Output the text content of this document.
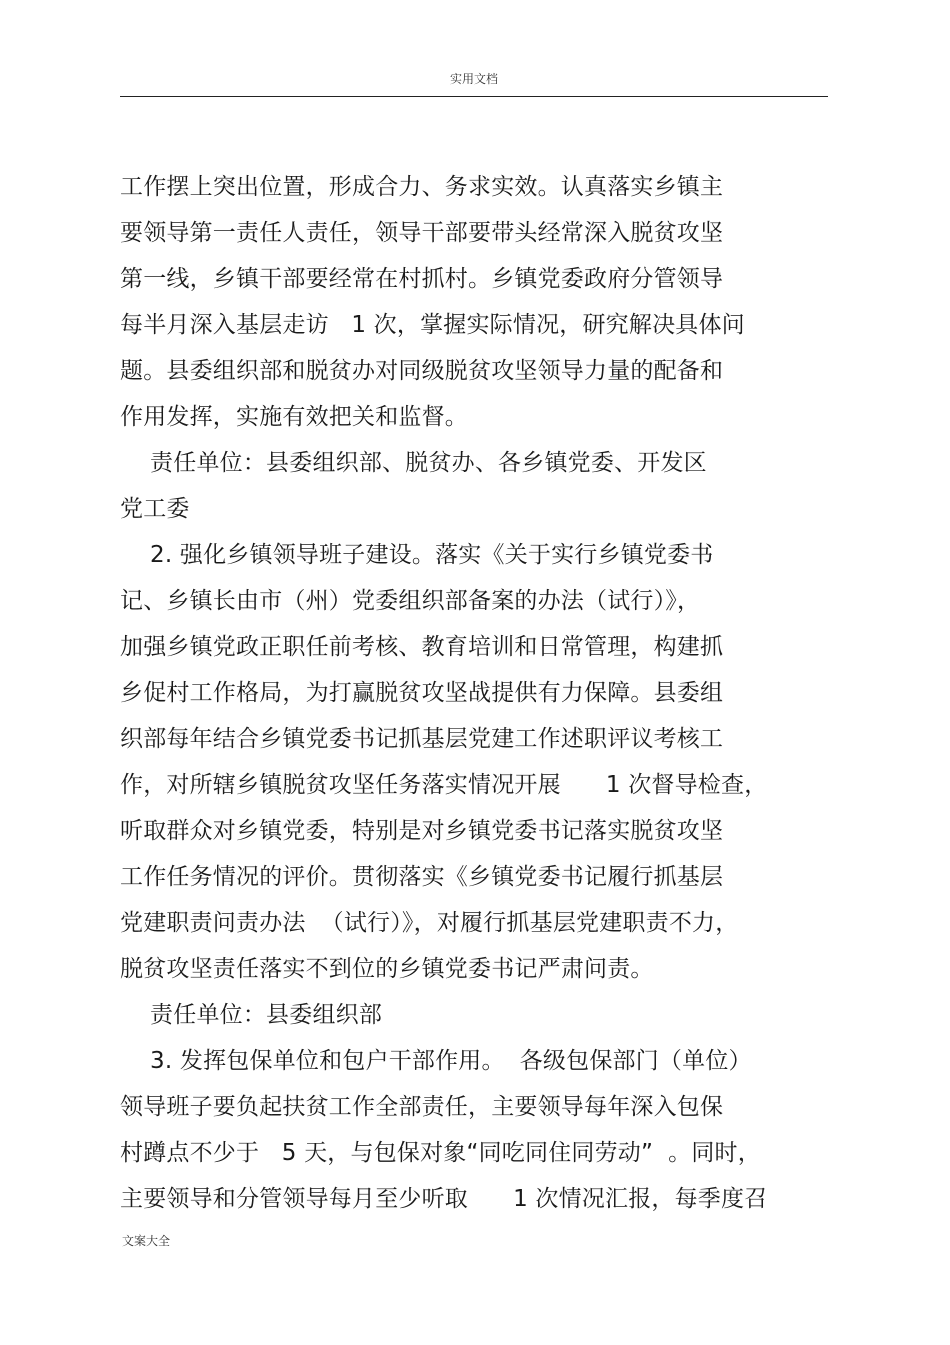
实用文档
工作摆上突出位置，形成合力、务求实效。认真落实乡镇主
要领导第一责任人责任，领导干部要带头经常深入脱贫攻坚
第一线，乡镇干部要经常在村抓村。乡镇党委政府分管领导
每半月深入基层走访   1 次，掌握实际情况，研究解决具体问
题。县委组织部和脱贫办对同级脱贫攻坚领导力量的配备和
作用发挥，实施有效把关和监督。
责任单位：县委组织部、脱贫办、各乡镇党委、开发区
党工委
2. 强化乡镇领导班子建设。落实《关于实行乡镇党委书
记、乡镇长由市（州）党委组织部备案的办法（试行）》，
加强乡镇党政正职任前考核、教育培训和日常管理，构建抓
乡促村工作格局，为打赢脱贫攻坚战提供有力保障。县委组
织部每年结合乡镇党委书记抓基层党建工作述职评议考核工
作，对所辖乡镇脱贫攻坚任务落实情况开展      1 次督导检查，
听取群众对乡镇党委，特别是对乡镇党委书记落实脱贫攻坚
工作任务情况的评价。贯彻落实《乡镇党委书记履行抓基层
党建职责问责办法  （试行）》，对履行抓基层党建职责不力，
脱贫攻坚责任落实不到位的乡镇党委书记严肃问责。
责任单位：县委组织部
3. 发挥包保单位和包户干部作用。  各级包保部门（单位）
领导班子要负起扶贫工作全部责任，主要领导每年深入包保
村蹲点不少于   5 天，与包保对象“同吃同住同劳动”  。同时，
主要领导和分管领导每月至少听取      1 次情况汇报，每季度召
文案大全
